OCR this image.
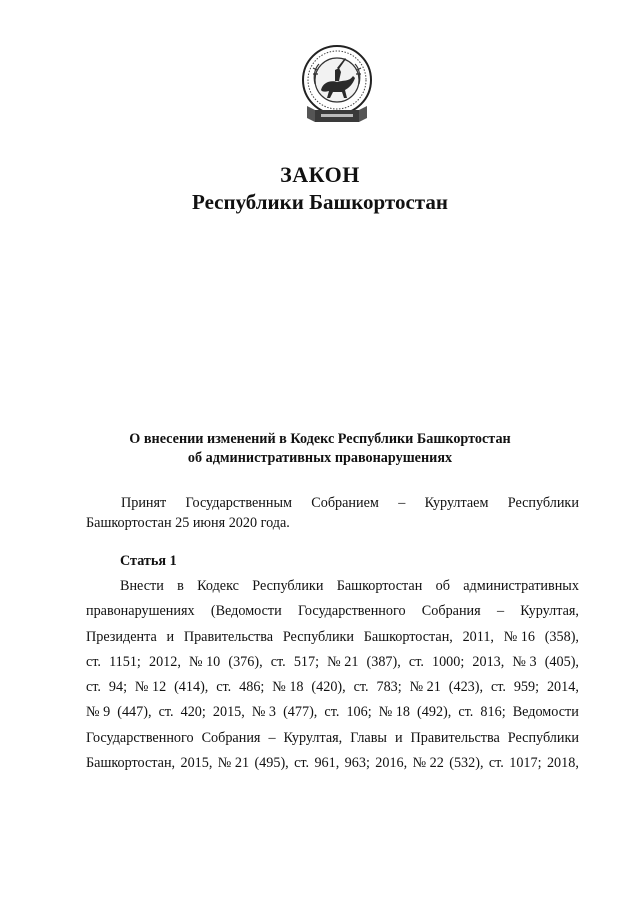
ЗАКОН
Республики Башкортостан
О внесении изменений в Кодекс Республики Башкортостан
об административных правонарушениях
Принят Государственным Собранием – Курултаем Республики
Башкортостан 25 июня 2020 года.
Статья 1
Внести в Кодекс Республики Башкортостан об административных
правонарушениях (Ведомости Государственного Собрания – Курултая,
Президента и Правительства Республики Башкортостан, 2011, № 16 (358),
ст. 1151; 2012, № 10 (376), ст. 517; № 21 (387), ст. 1000; 2013, № 3 (405),
ст. 94; № 12 (414), ст. 486; № 18 (420), ст. 783; № 21 (423), ст. 959; 2014,
№ 9 (447), ст. 420; 2015, № 3 (477), ст. 106; № 18 (492), ст. 816; Ведомости
Государственного Собрания – Курултая, Главы и Правительства Республики
Башкортостан, 2015, № 21 (495), ст. 961, 963; 2016, № 22 (532), ст. 1017; 2018,
